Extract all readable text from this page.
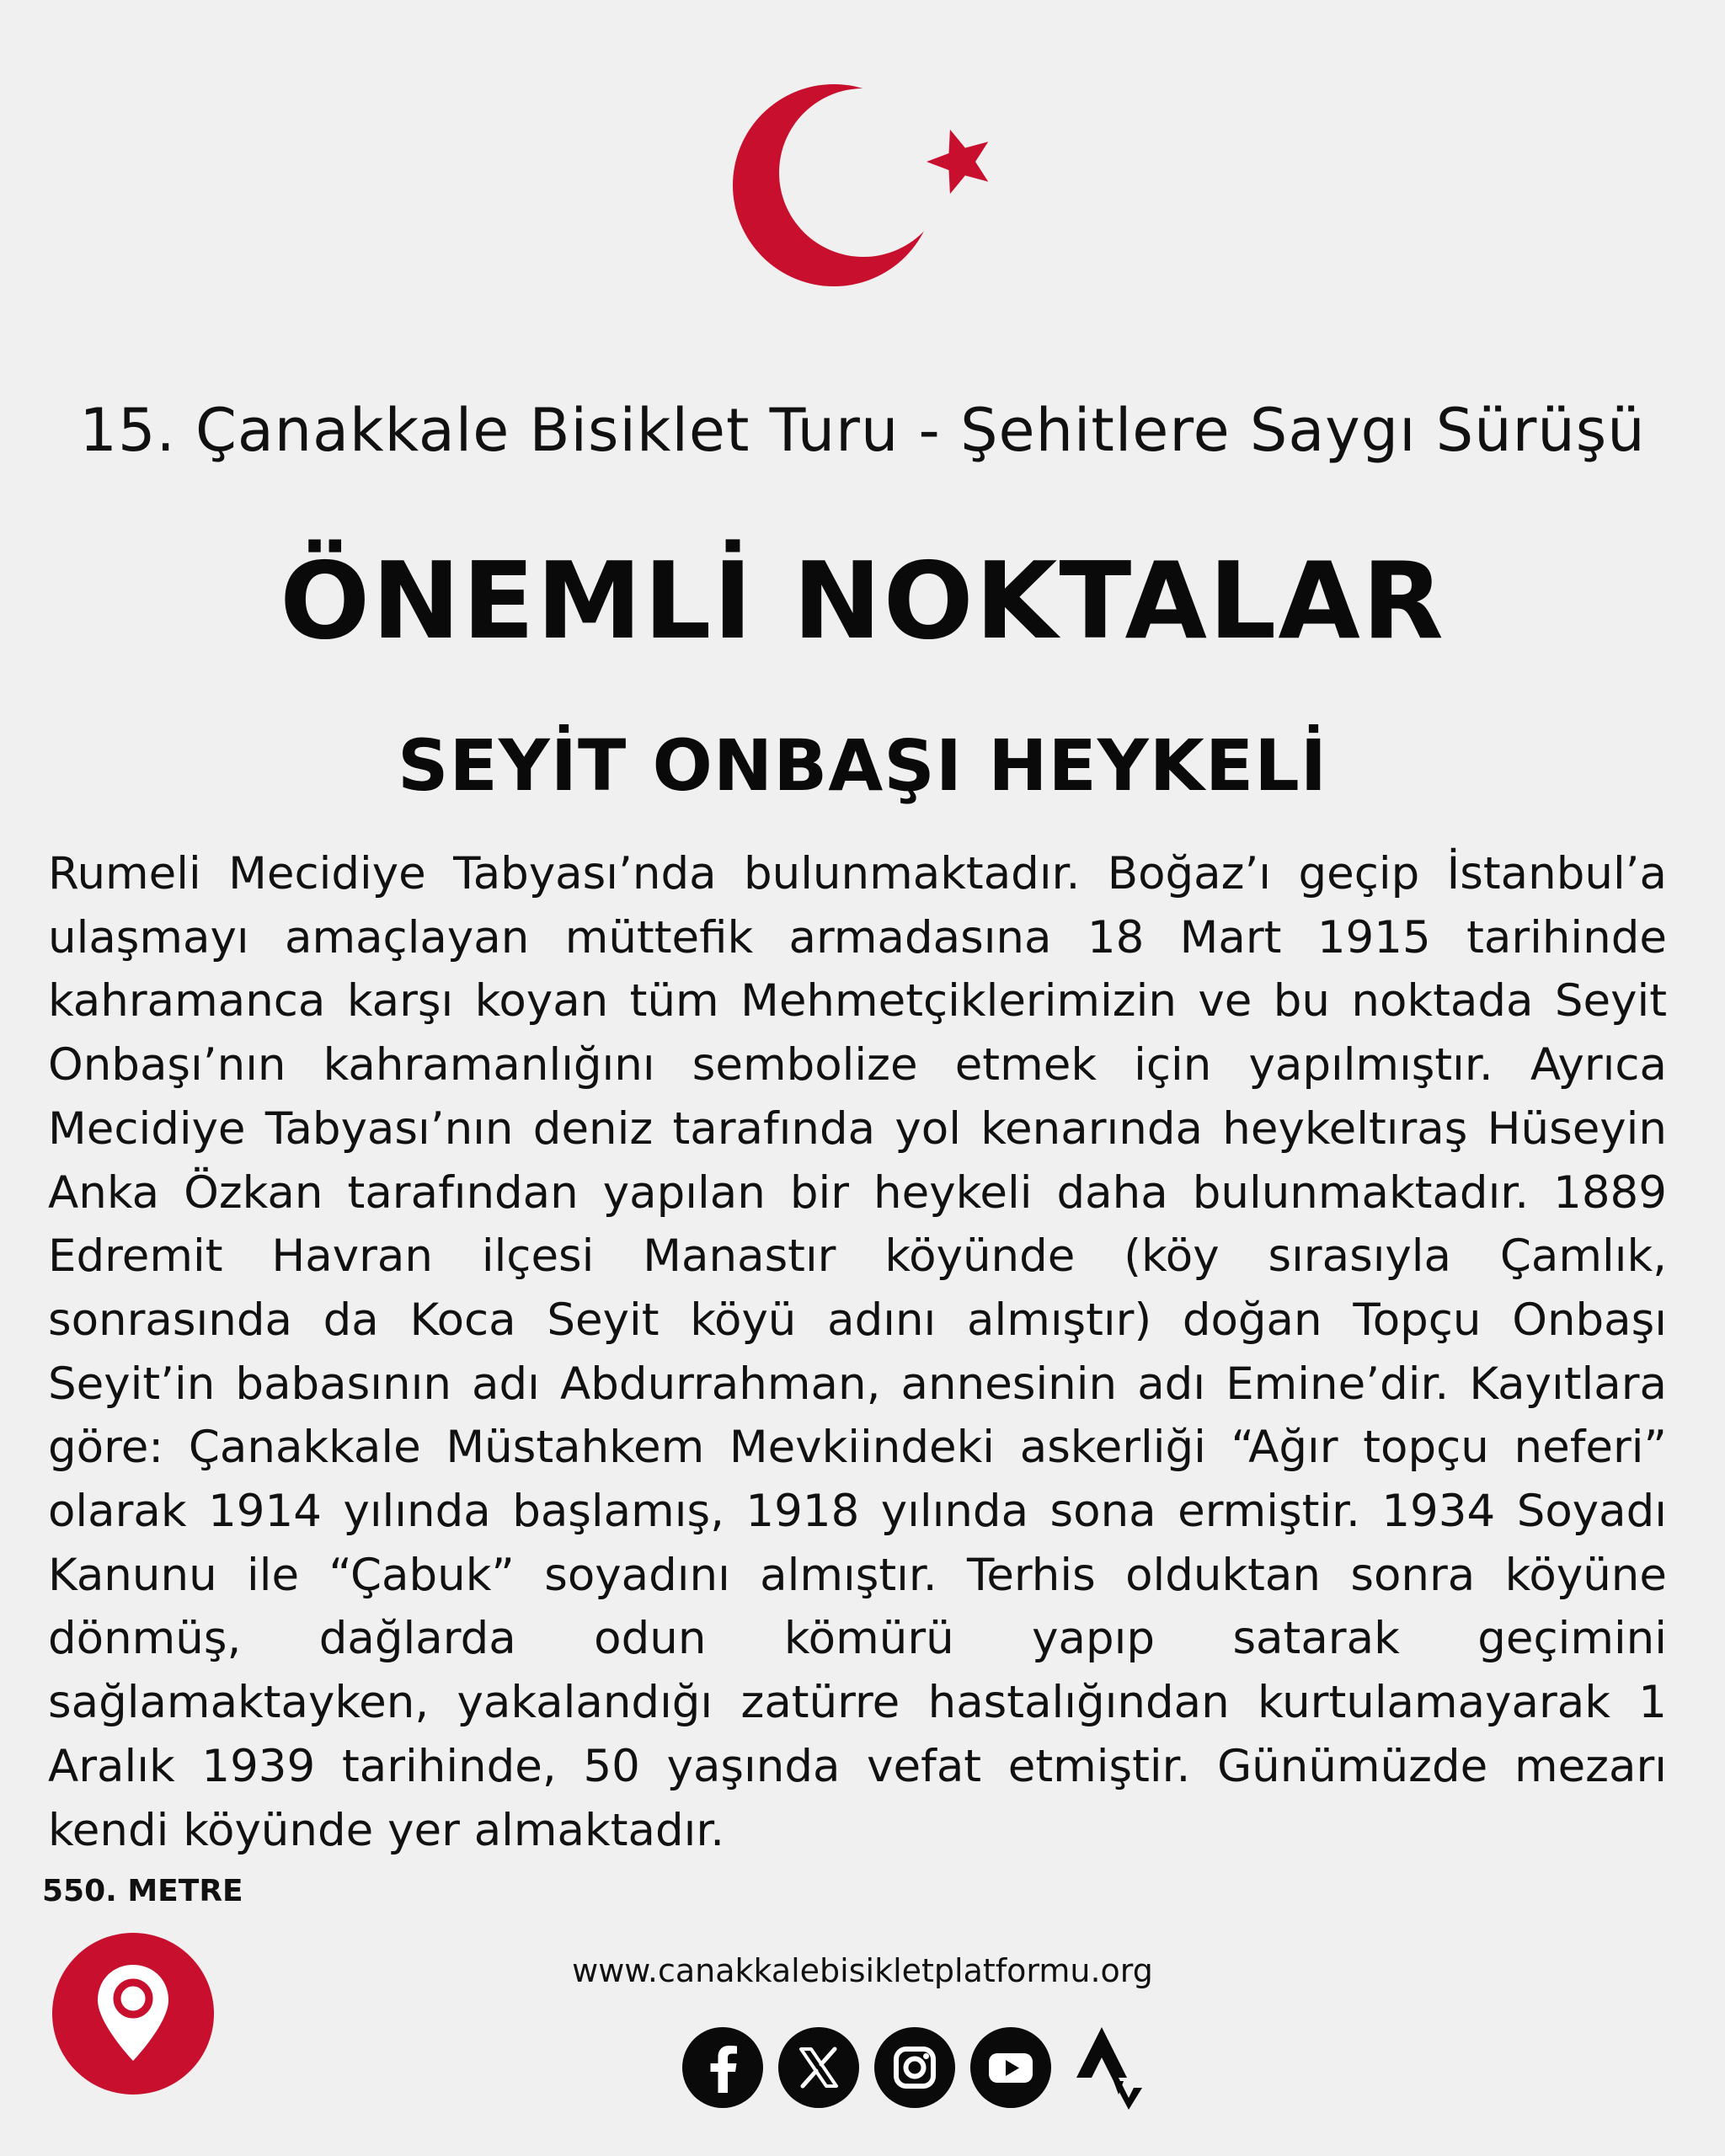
15. Çanakkale Bisiklet Turu - Şehitlere Saygı Sürüşü
ÖNEMLİ NOKTALAR
SEYİT ONBAŞI HEYKELİ
Rumeli Mecidiye Tabyası’nda bulunmaktadır. Boğaz’ı geçip İstanbul’a ulaşmayı amaçlayan müttefik armadasına 18 Mart 1915 tarihinde kahramanca karşı koyan tüm Mehmetçiklerimizin ve bu noktada Seyit Onbaşı’nın kahramanlığını sembolize etmek için yapılmıştır. Ayrıca Mecidiye Tabyası’nın deniz tarafında yol kenarında heykeltıraş Hüseyin Anka Özkan tarafından yapılan bir heykeli daha bulunmaktadır. 1889 Edremit Havran ilçesi Manastır köyünde (köy sırasıyla Çamlık, sonrasında da Koca Seyit köyü adını almıştır) doğan Topçu Onbaşı Seyit’in babasının adı Abdurrahman, annesinin adı Emine’dir. Kayıtlara göre: Çanakkale Müstahkem Mevkiindeki askerliği “Ağır topçu neferi” olarak 1914 yılında başlamış, 1918 yılında sona ermiştir. 1934 Soyadı Kanunu ile “Çabuk” soyadını almıştır. Terhis olduktan sonra köyüne dönmüş, dağlarda odun kömürü yapıp satarak geçimini sağlamaktayken, yakalandığı zatürre hastalığından kurtulamayarak 1 Aralık 1939 tarihinde, 50 yaşında vefat etmiştir. Günümüzde mezarı kendi köyünde yer almaktadır.
550. METRE
www.canakkalebisikletplatformu.org
